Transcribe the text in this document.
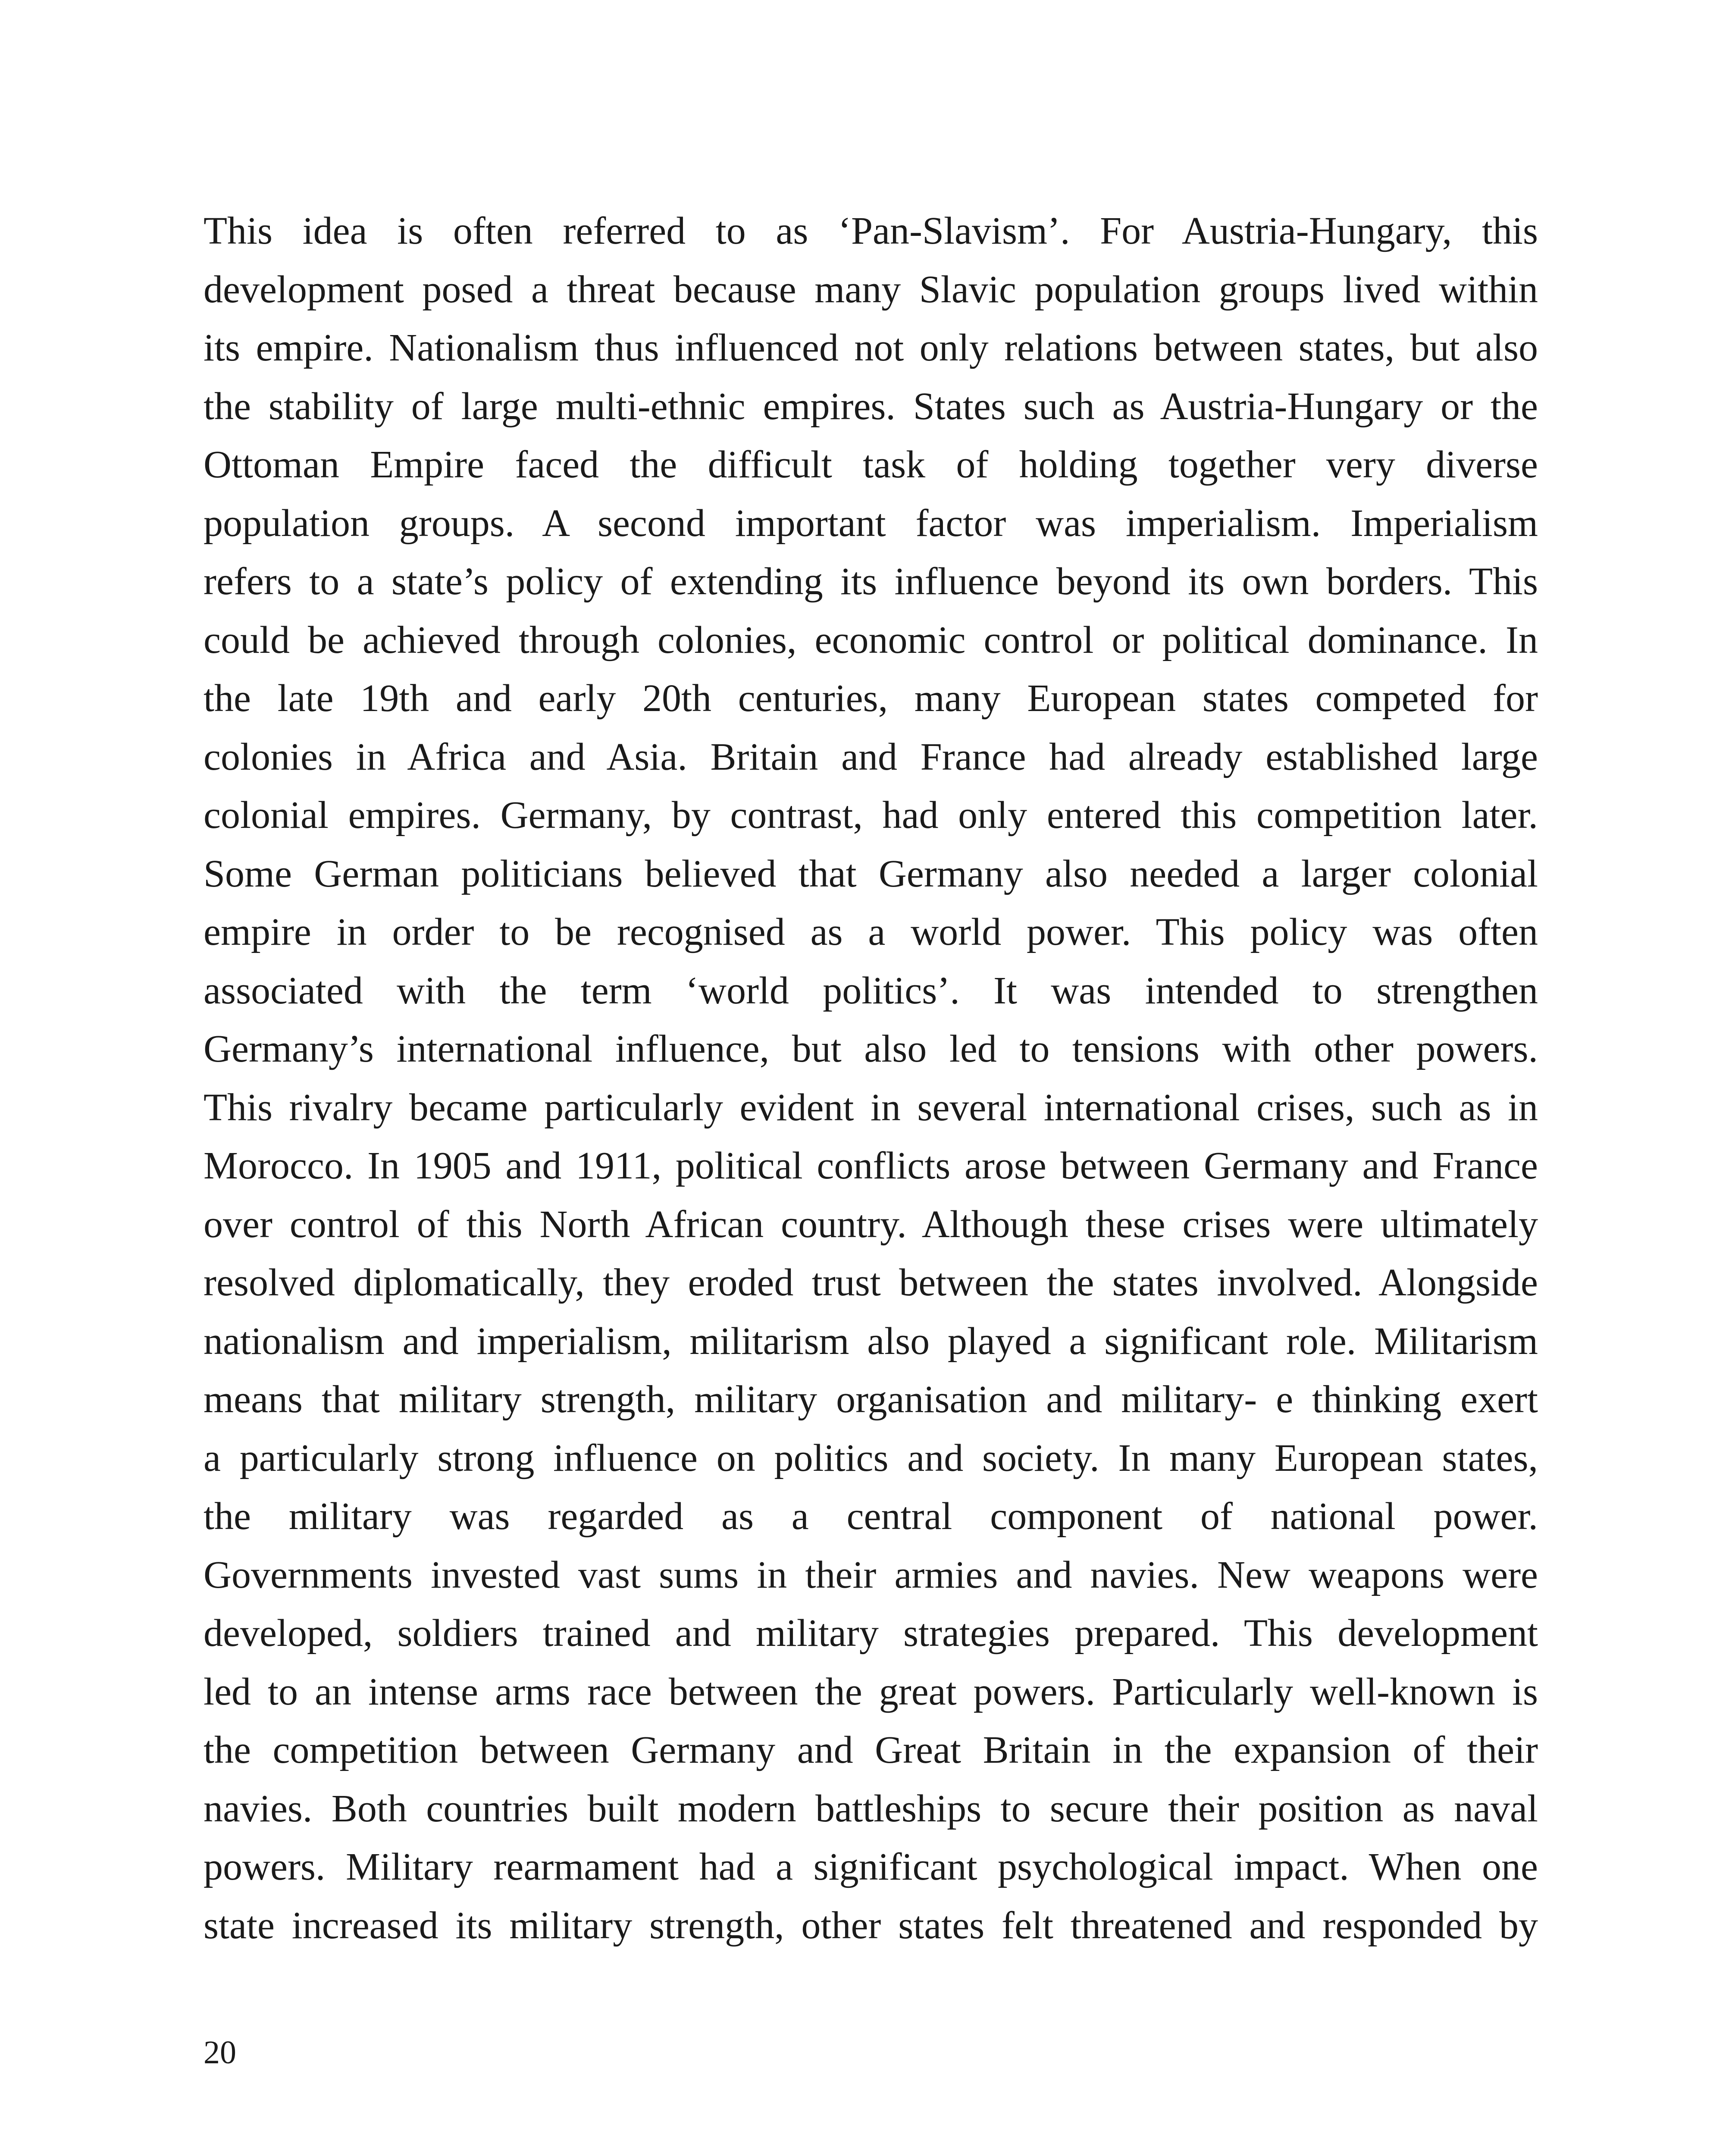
This idea is often referred to as ‘Pan-Slavism’. For Austria-Hungary, this
development posed a threat because many Slavic population groups lived within
its empire. Nationalism thus influenced not only relations between states, but also
the stability of large multi-ethnic empires. States such as Austria-Hungary or the
Ottoman Empire faced the difficult task of holding together very diverse
population groups. A second important factor was imperialism. Imperialism
refers to a state’s policy of extending its influence beyond its own borders. This
could be achieved through colonies, economic control or political dominance. In
the late 19th and early 20th centuries, many European states competed for
colonies in Africa and Asia. Britain and France had already established large
colonial empires. Germany, by contrast, had only entered this competition later.
Some German politicians believed that Germany also needed a larger colonial
empire in order to be recognised as a world power. This policy was often
associated with the term ‘world politics’. It was intended to strengthen
Germany’s international influence, but also led to tensions with other powers.
This rivalry became particularly evident in several international crises, such as in
Morocco. In 1905 and 1911, political conflicts arose between Germany and France
over control of this North African country. Although these crises were ultimately
resolved diplomatically, they eroded trust between the states involved. Alongside
nationalism and imperialism, militarism also played a significant role. Militarism
means that military strength, military organisation and military- e thinking exert
a particularly strong influence on politics and society. In many European states,
the military was regarded as a central component of national power.
Governments invested vast sums in their armies and navies. New weapons were
developed, soldiers trained and military strategies prepared. This development
led to an intense arms race between the great powers. Particularly well-known is
the competition between Germany and Great Britain in the expansion of their
navies. Both countries built modern battleships to secure their position as naval
powers. Military rearmament had a significant psychological impact. When one
state increased its military strength, other states felt threatened and responded by

20
